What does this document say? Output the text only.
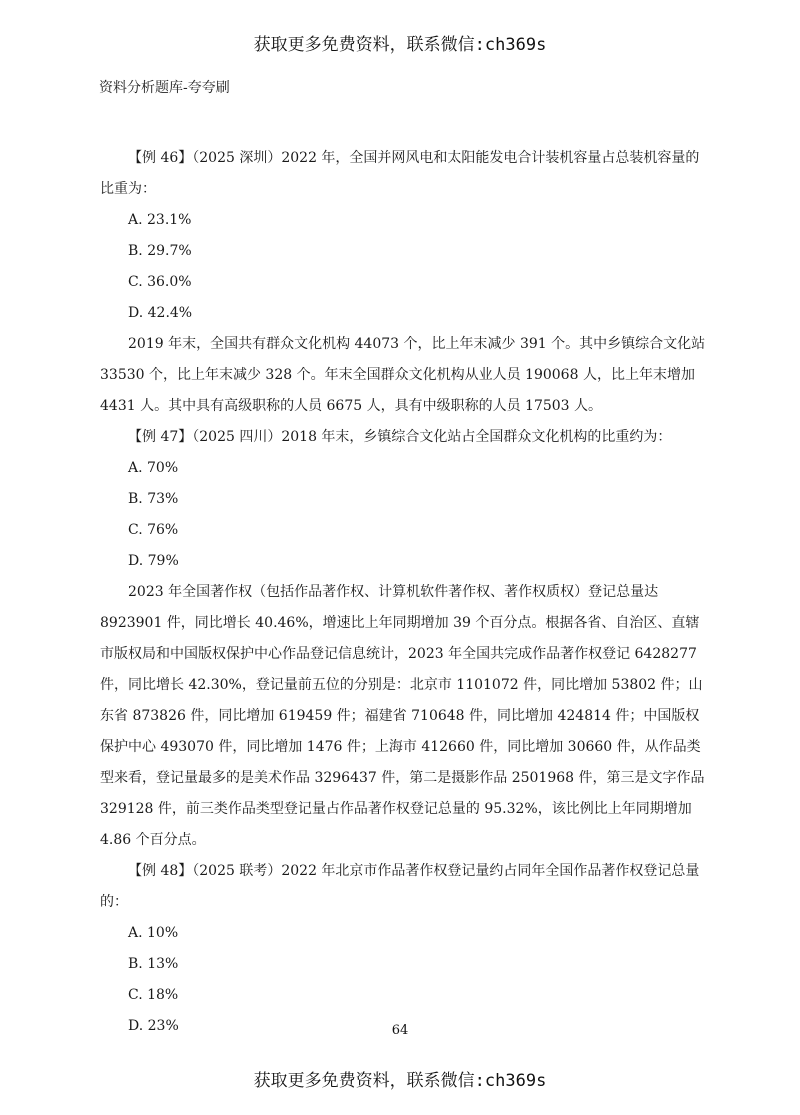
获取更多免费资料，联系微信:ch369s
资料分析题库-夸夸刷

【例 46】（2025 深圳）2022 年，全国并网风电和太阳能发电合计装机容量占总装机容量的比重为：

A. 23.1%

B. 29.7%

C. 36.0%

D. 42.4%

2019 年末，全国共有群众文化机构 44073 个，比上年末减少 391 个。其中乡镇综合文化站 33530 个，比上年末减少 328 个。年末全国群众文化机构从业人员 190068 人，比上年末增加 4431 人。其中具有高级职称的人员 6675 人，具有中级职称的人员 17503 人。

【例 47】（2025 四川）2018 年末，乡镇综合文化站占全国群众文化机构的比重约为：

A. 70%

B. 73%

C. 76%

D. 79%

2023 年全国著作权（包括作品著作权、计算机软件著作权、著作权质权）登记总量达 8923901 件，同比增长 40.46%，增速比上年同期增加 39 个百分点。根据各省、自治区、直辖市版权局和中国版权保护中心作品登记信息统计，2023 年全国共完成作品著作权登记 6428277 件，同比增长 42.30%，登记量前五位的分别是：北京市 1101072 件，同比增加 53802 件；山东省 873826 件，同比增加 619459 件；福建省 710648 件，同比增加 424814 件；中国版权保护中心 493070 件，同比增加 1476 件；上海市 412660 件，同比增加 30660 件，从作品类型来看，登记量最多的是美术作品 3296437 件，第二是摄影作品 2501968 件，第三是文字作品 329128 件，前三类作品类型登记量占作品著作权登记总量的 95.32%，该比例比上年同期增加 4.86 个百分点。

【例 48】（2025 联考）2022 年北京市作品著作权登记量约占同年全国作品著作权登记总量的：

A. 10%

B. 13%

C. 18%

D. 23%	64
获取更多免费资料，联系微信:ch369s
